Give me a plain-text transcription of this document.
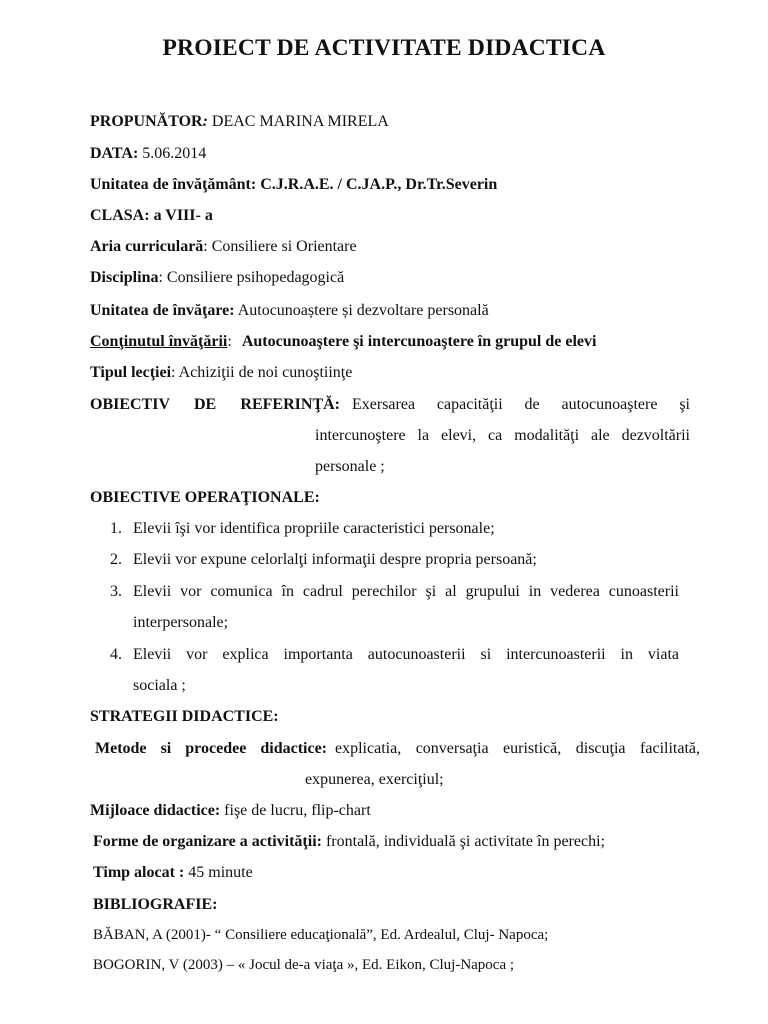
PROIECT DE ACTIVITATE DIDACTICA
PROPUNĂTOR: DEAC MARINA MIRELA
DATA: 5.06.2014
Unitatea de învăţământ: C.J.R.A.E. / C.JA.P., Dr.Tr.Severin
CLASA: a VIII- a
Aria curriculară: Consiliere si Orientare
Disciplina: Consiliere psihopedagogică
Unitatea de învăţare: Autocunoaștere și dezvoltare personală
Conţinutul învăţării: Autocunoaştere şi intercunoaştere în grupul de elevi
Tipul lecţiei: Achiziţii de noi cunoştiinţe
OBIECTIV DE REFERINŢĂ: Exersarea capacităţii de autocunoaştere şi
intercunoştere la elevi, ca modalităţi ale dezvoltării
personale ;
OBIECTIVE OPERAŢIONALE:
1. Elevii îşi vor identifica propriile caracteristici personale;
2. Elevii vor expune celorlalţi informaţii despre propria persoană;
3. Elevii vor comunica în cadrul perechilor şi al grupului in vederea cunoasterii
interpersonale;
4. Elevii vor explica importanta autocunoasterii si intercunoasterii in viata
sociala ;
STRATEGII DIDACTICE:
Metode si procedee didactice: explicatia, conversaţia euristică, discuţia facilitată,
expunerea, exerciţiul;
Mijloace didactice: fişe de lucru, flip-chart
Forme de organizare a activităţii: frontală, individuală şi activitate în perechi;
Timp alocat : 45 minute
BIBLIOGRAFIE:
BĂBAN, A (2001)- “ Consiliere educaţională”, Ed. Ardealul, Cluj- Napoca;
BOGORIN, V (2003) – « Jocul de-a viaţa », Ed. Eikon, Cluj-Napoca ;
